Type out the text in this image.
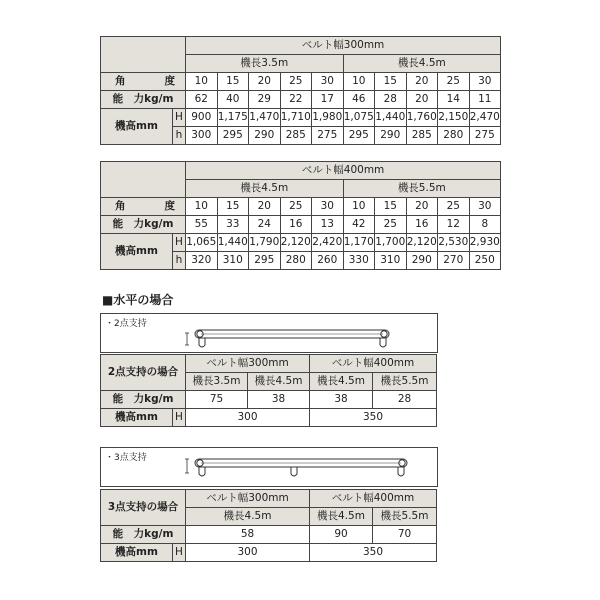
		ベルト幅300mm									
		機長3.5m					機長4.5m				

角 度		10	15	20	25	30	10	15	20	25	30
能　力kg/m		62	40	29	22	17	46	28	20	14	11
機高mm	H	900	1,175	1,470	1,710	1,980	1,075	1,440	1,760	2,150	2,470
	h	300	295	290	285	275	295	290	285	280	275
		ベルト幅400mm									
		機長4.5m					機長5.5m				

角 度		10	15	20	25	30	10	15	20	25	30
能　力kg/m		55	33	24	16	13	42	25	16	12	8
機高mm	H	1,065	1,440	1,790	2,120	2,420	1,170	1,700	2,120	2,530	2,930
	h	320	310	295	280	260	330	310	290	270	250
■水平の場合
・2点支持
2点支持の場合		ベルト幅300mm		ベルト幅400mm	
		機長3.5m	機長4.5m	機長4.5m	機長5.5m
能　力kg/m		75	38	38	28
機高mm	H	300		350	
・3点支持
3点支持の場合		ベルト幅300mm	ベルト幅400mm	
		機長4.5m	機長4.5m	機長5.5m
能　力kg/m		58	90	70
機高mm	H	300	350	
